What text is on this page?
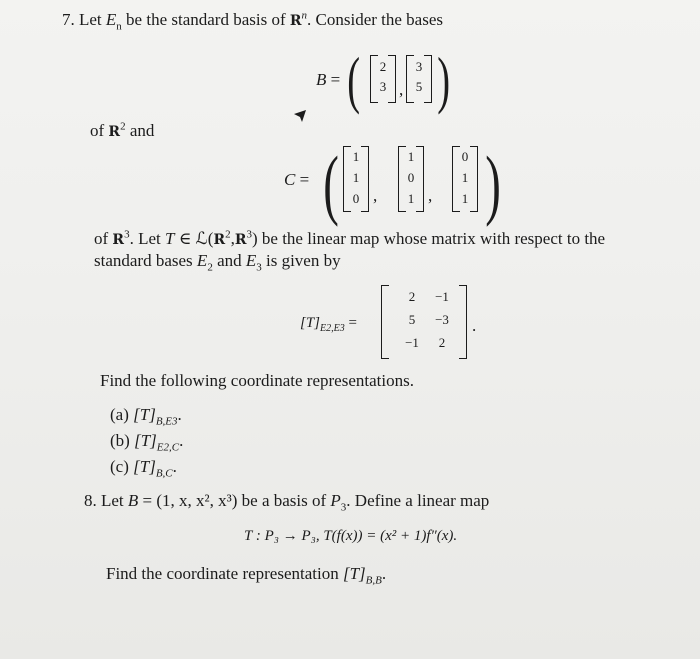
7. Let $E_n$ be the standard basis of $R^n$. Consider the bases
B = (	2
3 ,
3
5 )
of $R^2$ and
C = (	1
1
0 ,
1
0
1 ,
0
1
1 )
of $R^3$. Let T ∈ $ℒ(R^2,R^3)$ be the linear map whose matrix with respect to the
standard bases $E_2$ and $E_3$ is given by
$[T]_{E2,E3}$ =
2	−1
5	−3
−1	2
.
Find the following coordinate representations.
(a) $[T]_{B,E3}$.
(b) $[T]_{E2,C}$.
(c) $[T]_{B,C}$.
8. Let B = (1, x, x², x³) be a basis of $P_3$. Define a linear map
T : P₃ → P₃, T(f(x)) = (x² + 1)f″(x).
Find the coordinate representation $[T]_{B,B}$.
